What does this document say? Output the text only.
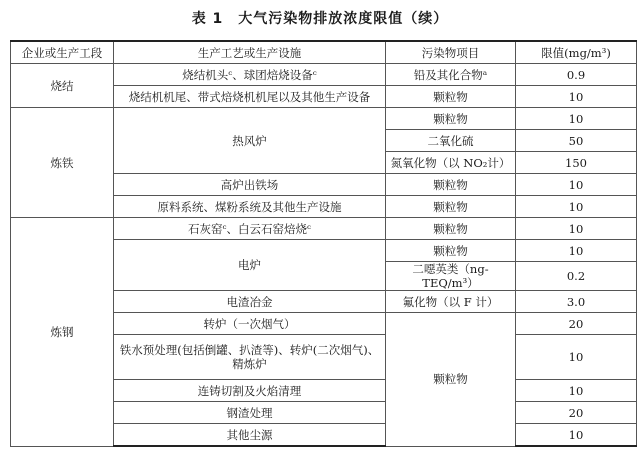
表 1　大气污染物排放浓度限值（续）
企业或生产工段	生产工艺或生产设施	污染物项目	限值(mg/m³)
烧结	烧结机头ᶜ、球团焙烧设备ᶜ	铅及其化合物ᵃ	0.9
	烧结机机尾、带式焙烧机机尾以及其他生产设备	颗粒物	10
炼铁	热风炉	颗粒物	10
		二氧化硫	50
		氮氧化物（以 NO₂计）	150
	高炉出铁场	颗粒物	10
	原料系统、煤粉系统及其他生产设施	颗粒物	10
炼钢	石灰窑ᶜ、白云石窑焙烧ᶜ	颗粒物	10
	电炉	颗粒物	10
		二噁英类（ng-TEQ/m³）	0.2
	电渣冶金	氟化物（以 F 计）	3.0
	转炉（一次烟气）	颗粒物	20
	铁水预处理(包括倒罐、扒渣等)、转炉(二次烟气)、精炼炉		10
	连铸切割及火焰清理		10
	钢渣处理		20
	其他尘源		10
